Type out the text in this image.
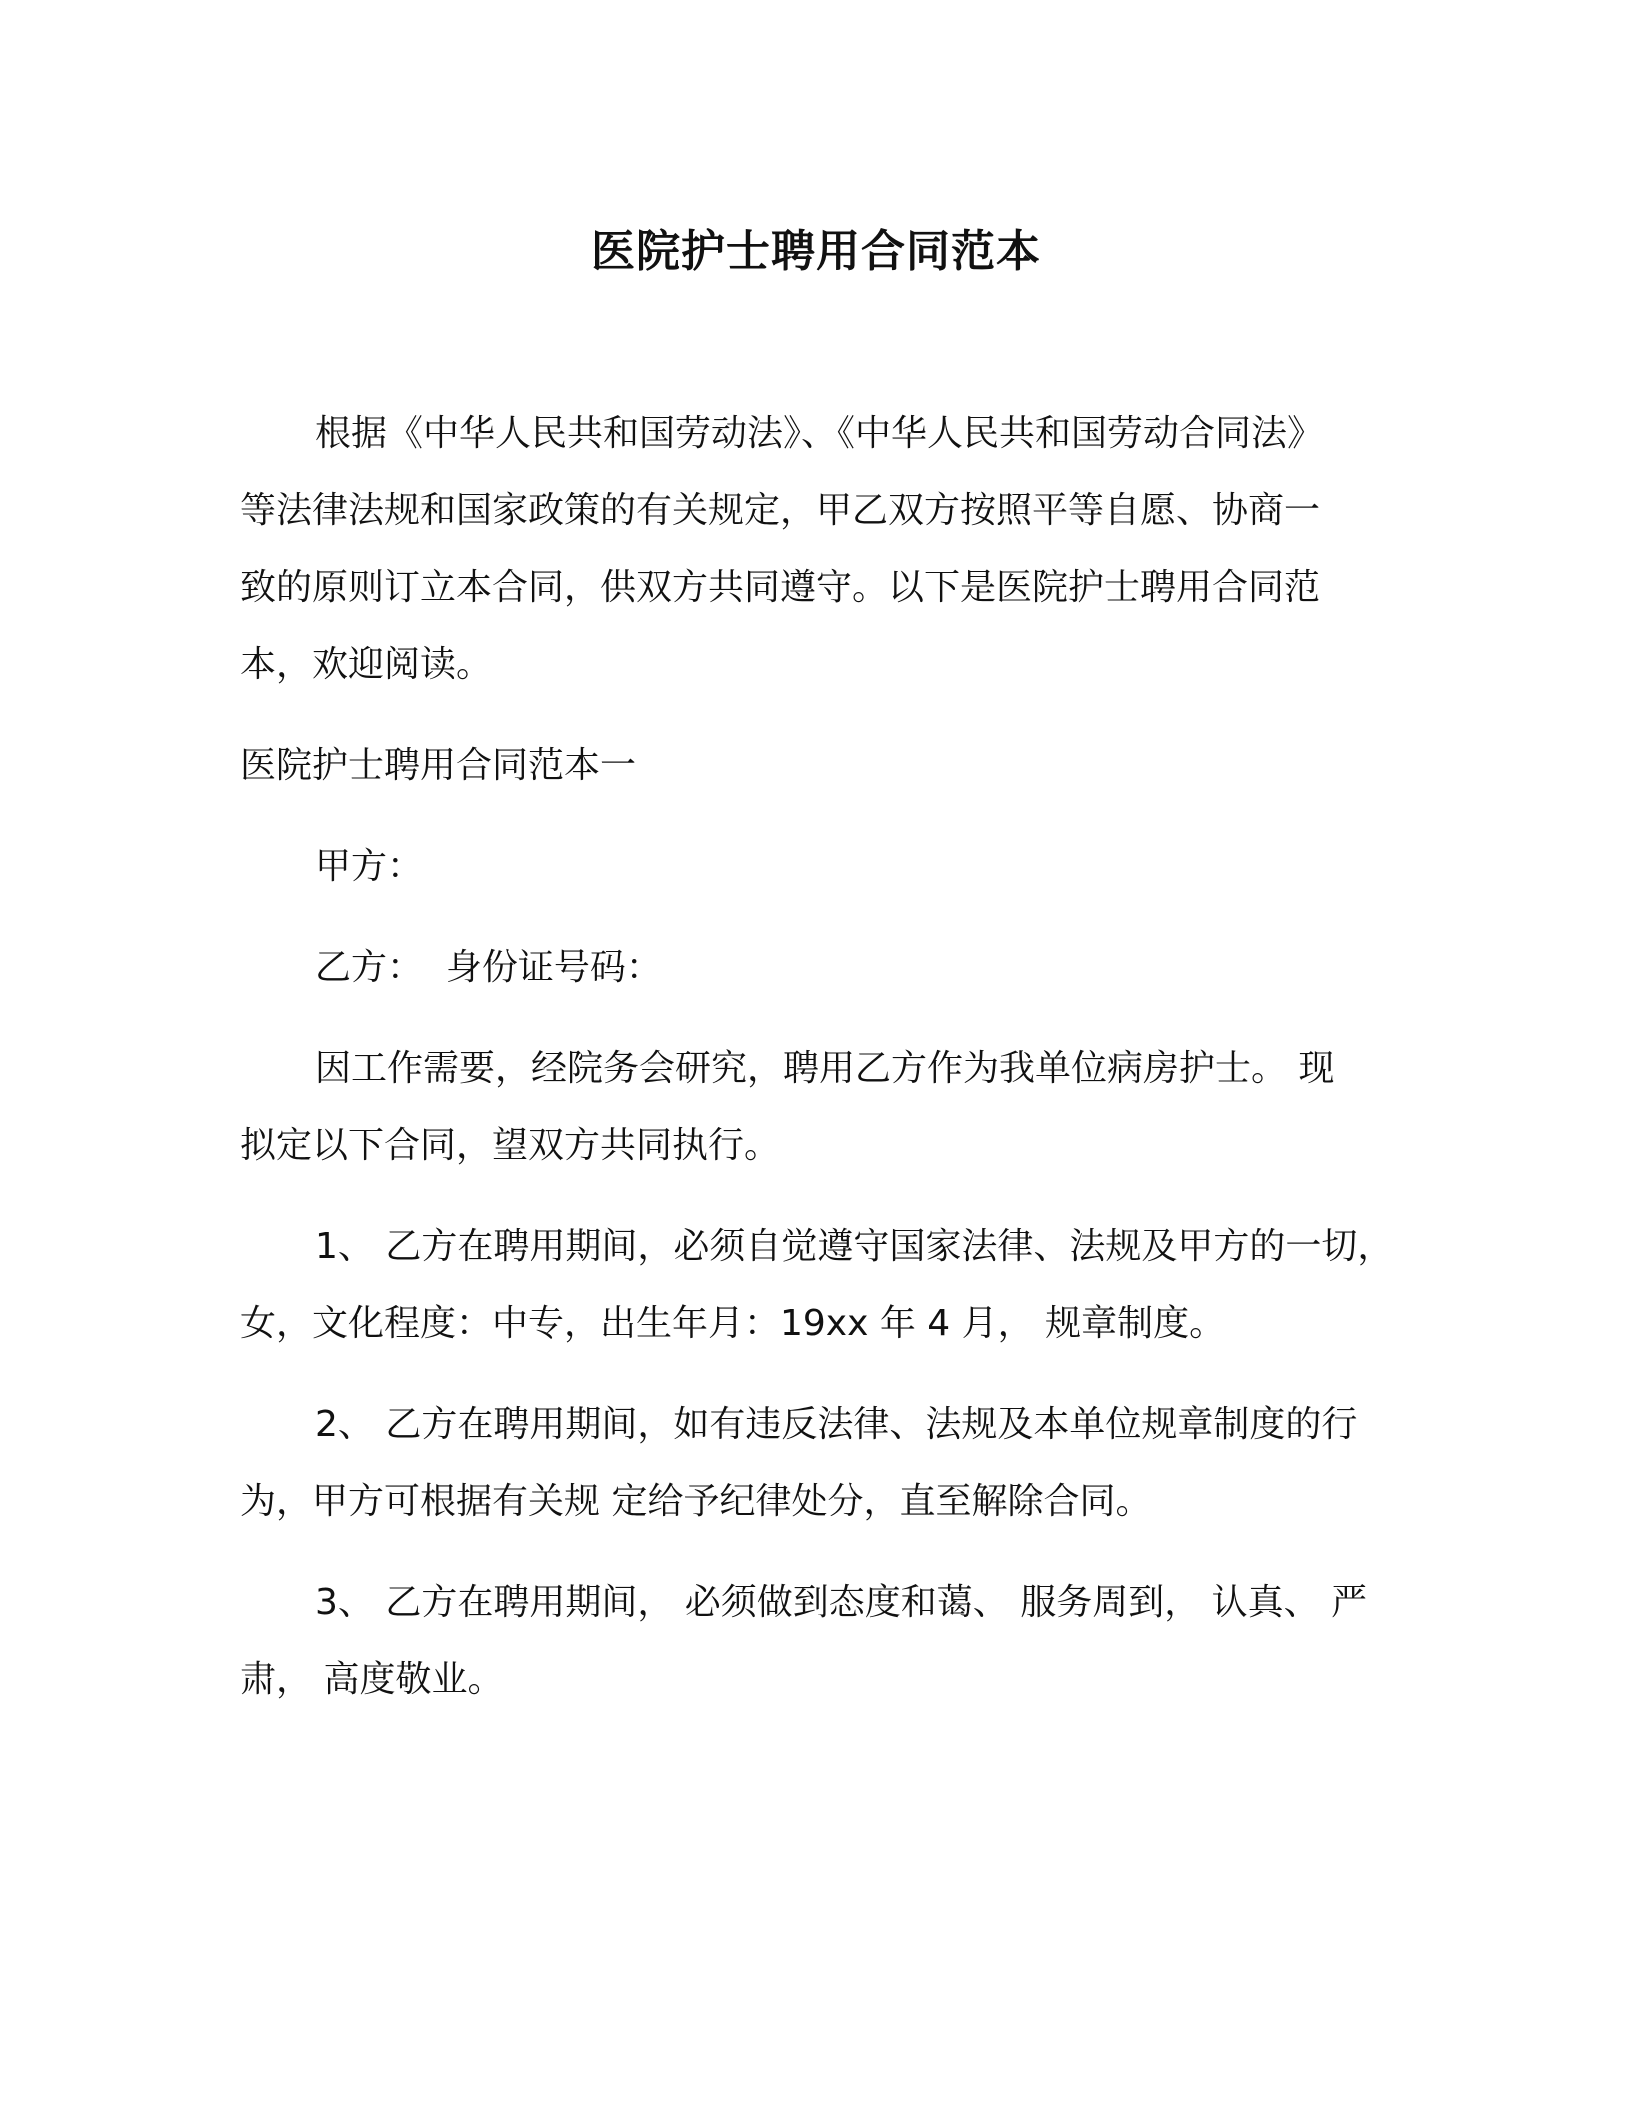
医院护士聘用合同范本
根据《中华人民共和国劳动法》、《中华人民共和国劳动合同法》
等法律法规和国家政策的有关规定，甲乙双方按照平等自愿、协商一
致的原则订立本合同，供双方共同遵守。以下是医院护士聘用合同范
本，欢迎阅读。
医院护士聘用合同范本一
甲方：
乙方：  身份证号码：
因工作需要，经院务会研究，聘用乙方作为我单位病房护士。 现
拟定以下合同，望双方共同执行。
1、 乙方在聘用期间，必须自觉遵守国家法律、法规及甲方的一切，
女，文化程度：中专，出生年月：19xx 年 4 月， 规章制度。
2、 乙方在聘用期间，如有违反法律、法规及本单位规章制度的行
为，甲方可根据有关规 定给予纪律处分，直至解除合同。
3、 乙方在聘用期间， 必须做到态度和蔼、 服务周到， 认真、 严
肃， 高度敬业。
